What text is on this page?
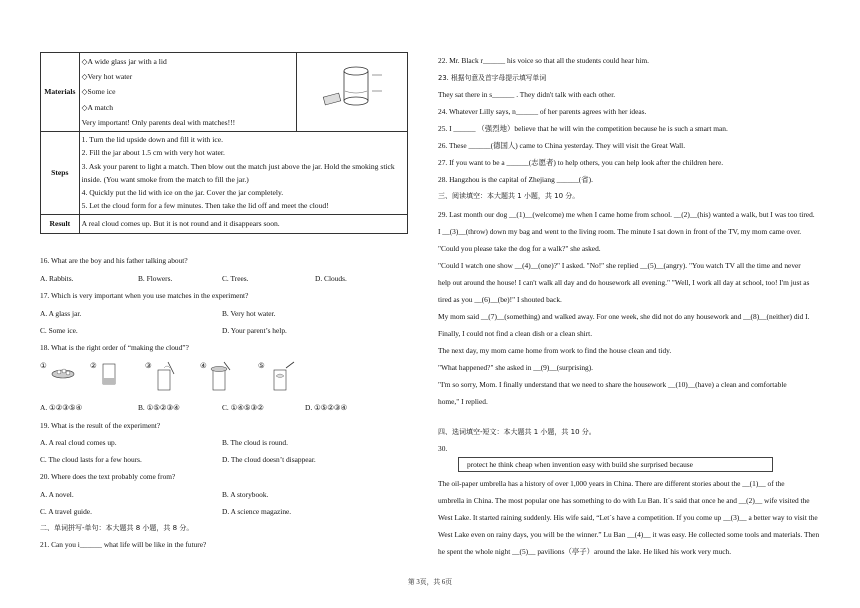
Materials	◇A wide glass jar with a lid
◇Very hot water
◇Some ice
◇A match
Very important! Only parents deal with matches!!!

Steps	1. Turn the lid upside down and fill it with ice.
2. Fill the jar about 1.5 cm with very hot water.
3. Ask your parent to light a match. Then blow out the match just above the jar. Hold the smoking stick inside. (You want smoke from the match to fill the jar.)
4. Quickly put the lid with ice on the jar. Cover the jar completely.
5. Let the cloud form for a few minutes. Then take the lid off and meet the cloud!	

Result	A real cloud comes up. But it is not round and it disappears soon.	
16. What are the boy and his father talking about?
A. Rabbits.	B. Flowers.	C. Trees.	D. Clouds.
17. Which is very important when you use matches in the experiment?
A. A glass jar.	B. Very hot water.
C. Some ice.	D. Your parent’s help.
18. What is the right order of “making the cloud”?
①	②	③	④	⑤
A. ①②③⑤④	B. ①⑤②③④	C. ①④⑤③②	D. ①⑤②③④
19. What is the result of the experiment?
A. A real cloud comes up.	B. The cloud is round.
C. The cloud lasts for a few hours.	D. The cloud doesn’t disappear.
20. Where does the text probably come from?
A. A novel.	B. A storybook.
C. A travel guide.	D. A science magazine.
二、单词拼写-单句：本大题共 8 小题，共 8 分。
21. Can you i______ what life will be like in the future?
22. Mr. Black r______ his voice so that all the students could hear him.
23. 根据句意及首字母提示填写单词
They sat there in s______ . They didn't talk with each other.
24. Whatever Lilly says, n______ of her parents agrees with her ideas.
25. I ______ （强烈地）believe that he will win the competition because he is such a smart man.
26. These ______(德国人) came to China yesterday. They will visit the Great Wall.
27. If you want to be a ______(志愿者) to help others, you can help look after the children here.
28. Hangzhou is the capital of Zhejiang ______(省).
三、阅读填空：本大题共 1 小题，共 10 分。
29. Last month our dog __(1)__(welcome) me when I came home from school. __(2)__(his) wanted a walk, but I was too tired.
I __(3)__(throw) down my bag and went to the living room. The minute I sat down in front of the TV, my mom came over.
"Could you please take the dog for a walk?" she asked.
"Could I watch one show __(4)__(one)?" I asked. "No!" she replied __(5)__(angry). "You watch TV all the time and never
help out around the house! I can't walk all day and do housework all evening." "Well, I work all day at school, too! I'm just as
tired as you __(6)__(be)!" I shouted back.
My mom said __(7)__(something) and walked away. For one week, she did not do any housework and __(8)__(neither) did I.
Finally, I could not find a clean dish or a clean shirt.
The next day, my mom came home from work to find the house clean and tidy.
"What happened?" she asked in __(9)__(surprising).
"I'm so sorry, Mom. I finally understand that we need to share the housework __(10)__(have) a clean and comfortable
home," I replied.
四、选词填空-短文：本大题共 1 小题，共 10 分。
30.
protect he think cheap when invention easy with build she surprised because
The oil-paper umbrella has a history of over 1,000 years in China. There are different stories about the __(1)__ of the
umbrella in China. The most popular one has something to do with Lu Ban. It`s said that once he and __(2)__ wife visited the
West Lake. It started raining suddenly. His wife said, “Let`s have a competition. If you come up __(3)__ a better way to visit the
West Lake even on rainy days, you will be the winner.” Lu Ban __(4)__ it was easy. He collected some tools and materials. Then
he spent the whole night __(5)__ pavilions（亭子）around the lake. He liked his work very much.
第 3页，共 6页
